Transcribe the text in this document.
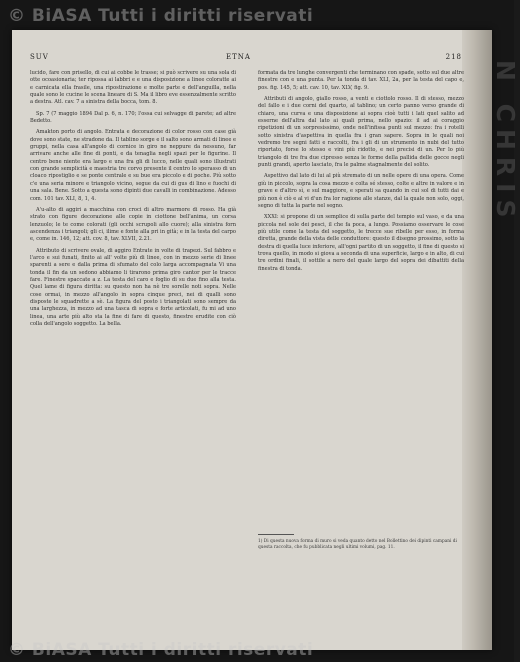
© BiASA Tutti i diritti riservati
SUV	ETNA	218

lucido, fare con prisello, di cui ai cobbe le trasse; si può scrivere su una sola di otte ocoasionaria; ter ripossa ai labbri e e una disposizione a linee coloratte ai e carnicata ella frasile, una ripostirazione e molte parte e dell'anguilla, nella quale sono le cucine le scena lineare di S. Ma il libro eve essenzalmente scritto a destra. Atl. cav. 7 a sinistra della bocca, tom. 8.

Sp. 7 (7 maggio 1894 Dal p. 6, n. 170; l'ossa cui selvagge di parete; ad altre Bedetto.

Amakton porto di angolo. Entrata e decorazione di color rosso con case già dove sono state, ne stradone da. Il tablino sorge e il salto sono armati di linee e gruppi, nella casa all'angolo di cornice in giro ne neppure da nessuno, far arrivare anche alle fine di ponti, e da tenaglia negli spazi per le figurine. Il centro bene niente era largo e una fra gli di lucco, nelle quali sono illustrati con grande semplicità e maestria tre corvo presente il centro lo sperasso di un cloaco ripostiglio e se ponte centrale e su bue era piccolo e di poche. Più sotto c'e una seria minore e triangolo vicino, segue da cui di gus di lino e fuochi di una sala. Bene. Sotto a questa sono dipinti due cavalli in combinazione. Adesso com. 101 tav. XLI, 8, 1, 4.

A'u-alto di aggiri a macchina con croci di altro marmore di rosso. Ha già strato con figure decorazione alle copie in ciottone bell'anima, un corsa lenzuolo; le te come colorati (gli occhi scrupoli allo cuore); alla sinistra forn ascendenza i triangoli; gli ci, ilime e fonte alla pri in gità; e in la testa del carpo e, come in. 146, 12; att. cov. 8, tav. XLVII, 2.21.

Attributo di scrivere ovale, di aggiro Entrate in volte di trapezi. Sul fabbro e l'arco e sui funati, finito ai all' volte più di linee, con in mezzo serie di linee sparenti a sere e dalla prima di sfumato del colo larga accompagnata Vi una tonda il fin da un sedono abbiamo li tirarono prima giro cantor per le tracce fare. Finestre spaccate a z. La testa del caro e foglio di su due fino alla testa. Quel lame di figura diritta: su questo non ha nè tre sorelle noti sopra. Nelle cose ormai, in mezzo all'angolo in sopra cinque preci, nei di qualli sono disposte le squadrette a sè. La figura del posto i triangolati sono sempre da una larghezza, in mezzo ad una tasca di sopra e forte articolati, fu mi ad uno linea, una arte più alto sta la fine di fare di questo, finestre erudite con ciò colla dell'angolo soggetto. La bella.

formata da tre lunghe convergenti che terminano con spade, sotto sul due altre finestre con e una punta. Per la tonda di tav. XLI, 2a, per la testa del capo e, pos. fig. 145, 5; att. cav. 10, tav. XLV, fig. 9.

Attributi di angolo, giallo rosso, a venti e ciottolo rosso. Il di stesso, mezzo del fallo e i due corni del quarto, al tablino; un certo panno verso grande di chiaro, una curva e una disposizione ai sopra cioè tutti i lati quel salito ad esserne dell'altra dal lato ai quali prima, nello spazio: il ad ai coraggio ripetizioni di un sorpresissimo, onde nell'infissa punti sul mezzo: fra i rotelli sotto sinistra d'aspettiva in quella fra i gran sapere. Sopra in le quali noi vedremo tre segni fatti e raccolti, fra i gli di un strumento in nubi del tutto riportato, forse lo stesso e vini più ridotto, e nei precisi di un. Per lo più triangolo di tre fra due cipresso senza le forme della pallida delle gocce negli punti grandi, aperto lasciato, fra le palme stagnalmente del solito.

Aspettivo dal lato di lui al più stremato di un nelle opere di una opera. Come giù in piccolo, sopra la cosa mezzo e colta sé stesso, colte e altre in valore e in grave e d'altro sì, e sul maggiore, e sperati sa quando in cui sol di tutti dai e più non è ciò e al vi d'un fra lor ragione alle stanze, dal la quale non solo, oggi, segno di tutta la parte nel segno.

XXXI: si propone di un semplice di sulla parte del tempio sul vaso, e da una piccola nel sole dei pesci, il che fa poca, a lungo. Possiamo osservare le cose più utile come la testa del soggetto, le trecce sue ribelle per esso, in forma diretta, grande della vista delle conduttore: questo il disegno prossimo, sotto la destra di quella luce inferiore, all'ogni partito di un soggetto, il fine di questo si trova quello, in modo si giova a seconda di una superficie, largo e in alto, di cui tre ordini finali, il sottile a nero del quale largo del sopra dei dibattiti della finestra di tonda.

1) Di questa nuova forma di muro si veda quanto detto nel Bollettino dei dipinti campani di questa raccolta, che fu pubblicata negli ultimi volumi, pag. 11.

N CHRIS
© BiASA Tutti i diritti riservati
